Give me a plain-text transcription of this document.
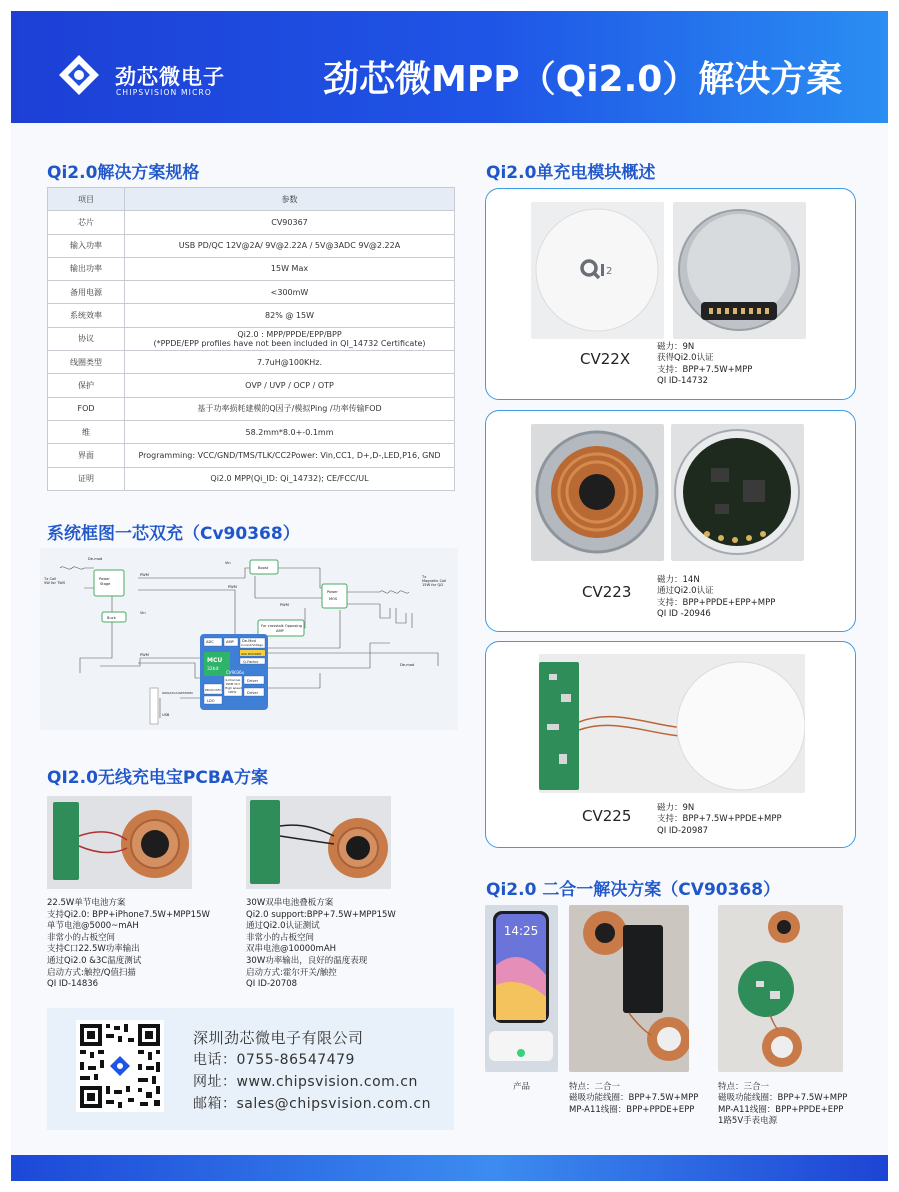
劲芯微电子
CHIPSVISION MICRO	劲芯微MPP（Qi2.0）解决方案
Qi2.0解决方案规格
项目	参数
芯片	CV90367
输入功率	USB PD/QC 12V@2A/ 9V@2.22A / 5V@3ADC 9V@2.22A
输出功率	15W Max
备用电源	<300mW
系统效率	82% @ 15W
协议	Qi2.0 : MPP/PPDE/EPP/BPP
(*PPDE/EPP profiles have not been included in QI_14732 Certificate)

线圈类型	7.7uH@100KHz.
保护	OVP / UVP / OCP / OTP
FOD	基于功率损耗建模的Q因子/模拟Ping /功率传输FOD
维	58.2mm*8.0+-0.1mm
界面	Programming: VCC/GND/TMS/TLK/CC2Power: Vin,CC1, D+,D-,LED,P16, GND
证明	Qi2.0 MPP(Qi_ID: Qi_14732); CE/FCC/UL
系统框图一芯双充（Cv90368）
Tx Coil
5W for TWS
Tx
Magnetic Coil
15W for Qi2
Power
Stage
Buck
Boost
Power
MOS
For crosstalk Opposing
AMP
Vin
Vin
PWM
PWM
PWM
PWM
De-mod
De-mod
ADC	AMP De-Mod
Current/Voltage
ASK DDCDDR
Q-Factor
PD/QC/AFC
LDO
4-Channel
PWM Ctrl
High speed
1MHz
Driver
Driver
USB
GPIO/I2C/UART/PWM
MCU
32bit
CV9036x
QI2.0无线充电宝PCBA方案
22.5W单节电池方案
支持Qi2.0: BPP+iPhone7.5W+MPP15W
单节电池@5000~mAH
非常小的占板空间
支持C口22.5W功率输出
通过Qi2.0 &3C温度测试
启动方式:触控/Q值扫描
QI ID-14836
30W双串电池叠板方案
Qi2.0 support:BPP+7.5W+MPP15W
通过Qi2.0认证测试
非常小的占板空间
双串电池@10000mAH
30W功率输出，良好的温度表现
启动方式:霍尔开关/触控
QI ID-20708
深圳劲芯微电子有限公司
电话：0755-86547479
网址：www.chipsvision.com.cn
邮箱：sales@chipsvision.com.cn
Qi2.0单充电模块概述
2
CV22X
磁力：9N
获得Qi2.0认证
支持：BPP+7.5W+MPP
QI ID-14732
CV223
磁力：14N
通过Qi2.0认证
支持：BPP+PPDE+EPP+MPP
QI ID -20946
CV225	磁力：9N
支持：BPP+7.5W+PPDE+MPP
QI ID-20987
Qi2.0 二合一解决方案（CV90368）
14:25
产品	特点：二合一
磁吸功能线圈：BPP+7.5W+MPP
MP-A11线圈：BPP+PPDE+EPP
特点：三合一
磁吸功能线圈：BPP+7.5W+MPP
MP-A11线圈：BPP+PPDE+EPP
1路5V手表电源
